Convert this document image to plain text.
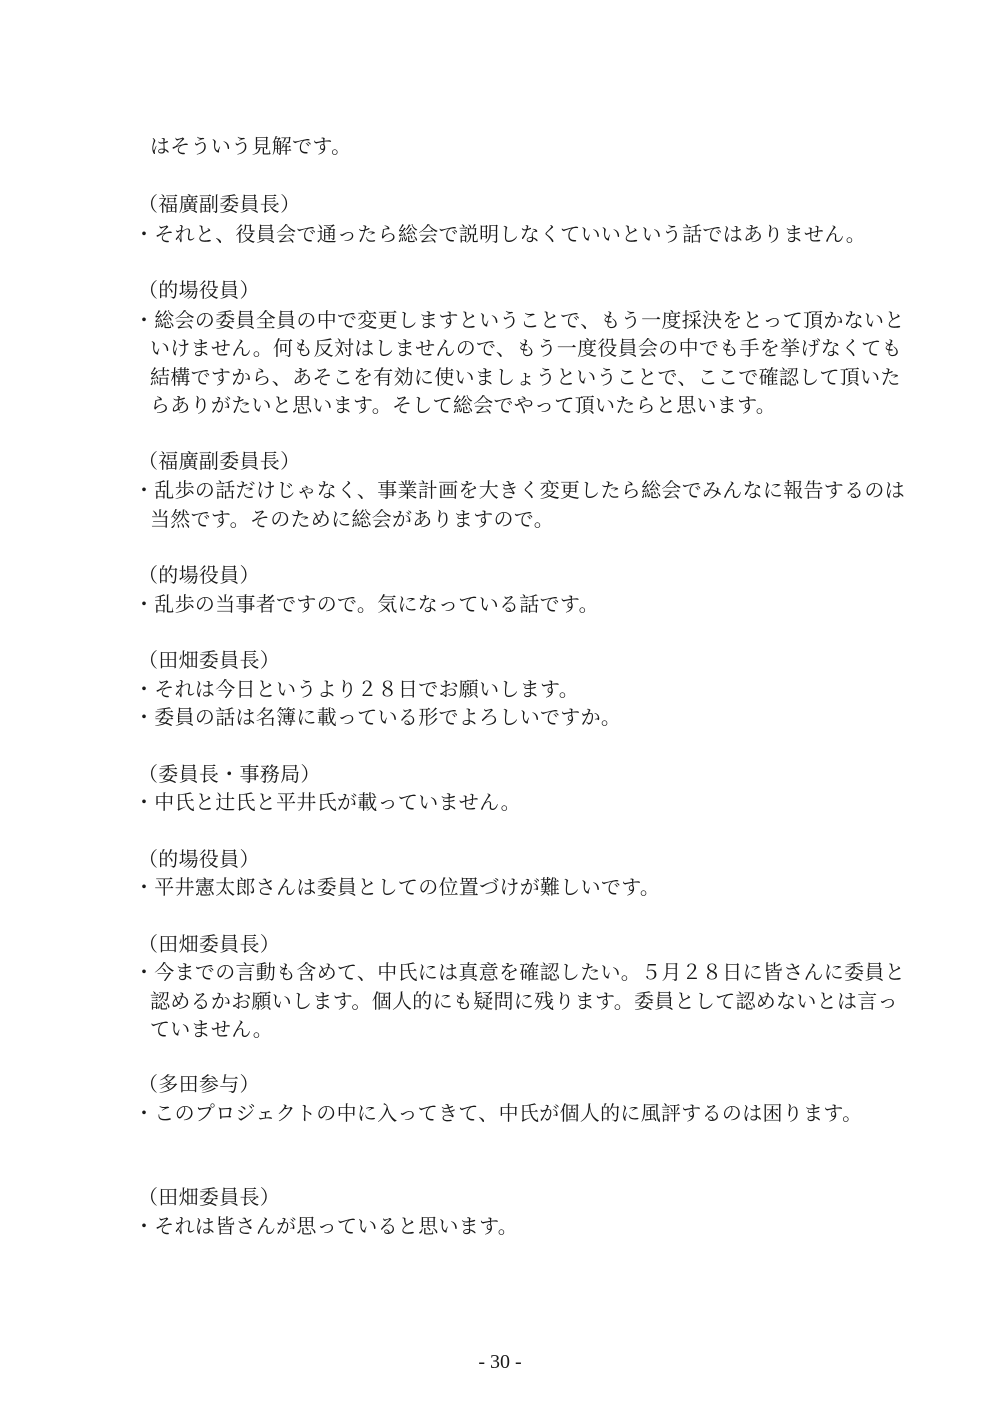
はそういう見解です。
（福廣副委員長）
・それと、役員会で通ったら総会で説明しなくていいという話ではありません。
（的場役員）
・総会の委員全員の中で変更しますということで、もう一度採決をとって頂かないと
いけません。何も反対はしませんので、もう一度役員会の中でも手を挙げなくても
結構ですから、あそこを有効に使いましょうということで、ここで確認して頂いた
らありがたいと思います。そして総会でやって頂いたらと思います。
（福廣副委員長）
・乱歩の話だけじゃなく、事業計画を大きく変更したら総会でみんなに報告するのは
当然です。そのために総会がありますので。
（的場役員）
・乱歩の当事者ですので。気になっている話です。
（田畑委員長）
・それは今日というより２８日でお願いします。
・委員の話は名簿に載っている形でよろしいですか。
（委員長・事務局）
・中氏と辻氏と平井氏が載っていません。
（的場役員）
・平井憲太郎さんは委員としての位置づけが難しいです。
（田畑委員長）
・今までの言動も含めて、中氏には真意を確認したい。５月２８日に皆さんに委員と
認めるかお願いします。個人的にも疑問に残ります。委員として認めないとは言っ
ていません。
（多田参与）
・このプロジェクトの中に入ってきて、中氏が個人的に風評するのは困ります。
（田畑委員長）
・それは皆さんが思っていると思います。
- 30 -
